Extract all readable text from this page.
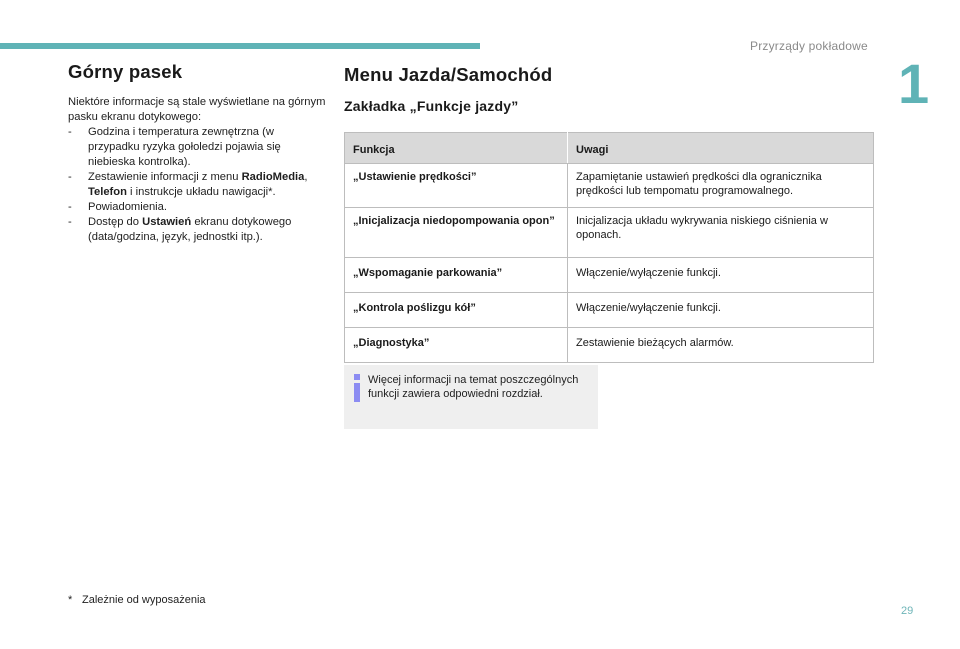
Przyrządy pokładowe
1
Górny pasek

Niektóre informacje są stale wyświetlane na górnym pasku ekranu dotykowego:

-	Godzina i temperatura zewnętrzna (w przypadku ryzyka gołoledzi pojawia się niebieska kontrolka).
-	Zestawienie informacji z menu RadioMedia, Telefon i instrukcje układu nawigacji*.
-	Powiadomienia.
-	Dostęp do Ustawień ekranu dotykowego (data/godzina, język, jednostki itp.).
Menu Jazda/Samochód
Zakładka „Funkcje jazdy”
Funkcja	Uwagi
„Ustawienie prędkości”	Zapamiętanie ustawień prędkości dla ogranicznika prędkości lub tempomatu programowalnego.
„Inicjalizacja niedopompowania opon”	Inicjalizacja układu wykrywania niskiego ciśnienia w oponach.
„Wspomaganie parkowania”	Włączenie/wyłączenie funkcji.
„Kontrola poślizgu kół”	Włączenie/wyłączenie funkcji.
„Diagnostyka”	Zestawienie bieżących alarmów.
Więcej informacji na temat poszczególnych funkcji zawiera odpowiedni rozdział.
* Zależnie od wyposażenia
29
